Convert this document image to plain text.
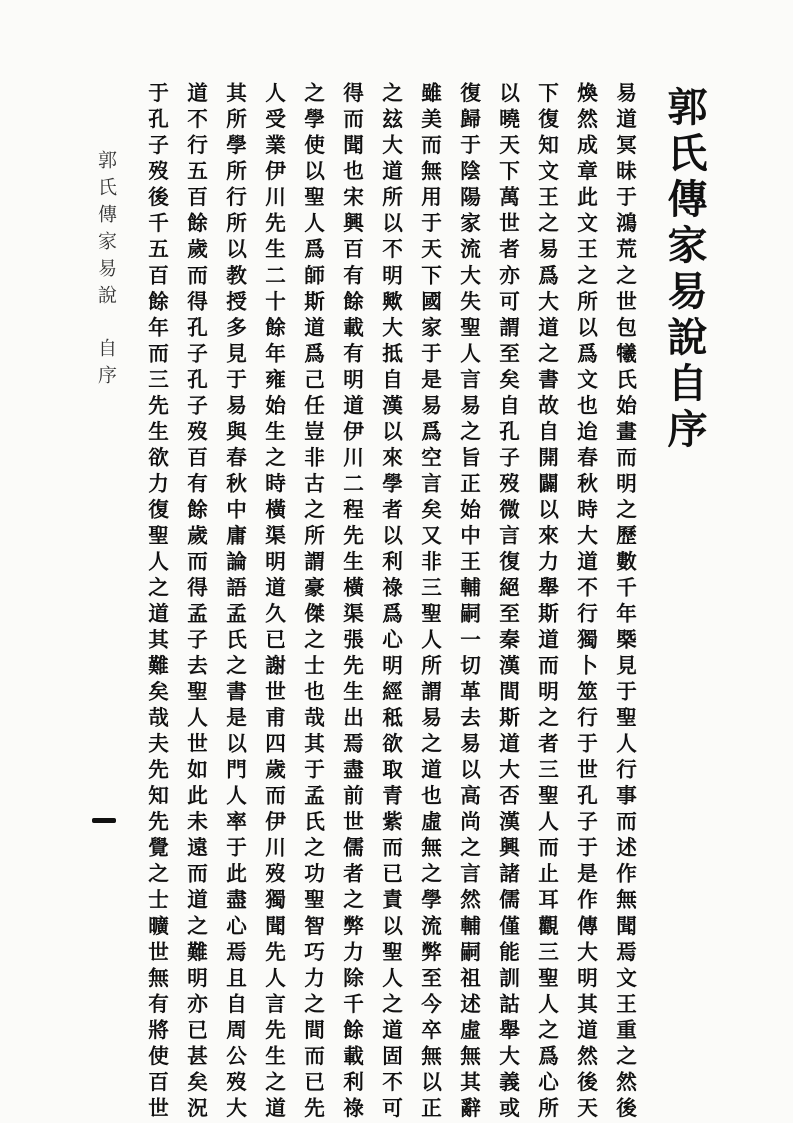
郭氏傳家易說自序
易道冥昧于鴻荒之世包犧氏始畫而明之歷數千年槩見于聖人行事而述作無聞焉文王重之然後
煥然成章此文王之所以爲文也迨春秋時大道不行獨卜筮行于世孔子于是作傳大明其道然後天
下復知文王之易爲大道之書故自開闢以來力舉斯道而明之者三聖人而止耳觀三聖人之爲心所
以曉天下萬世者亦可謂至矣自孔子歿微言復絕至秦漢間斯道大否漢興諸儒僅能訓詁舉大義或
復歸于陰陽家流大失聖人言易之旨正始中王輔嗣一切革去易以高尚之言然輔嗣祖述虛無其辭
雖美而無用于天下國家于是易爲空言矣又非三聖人所謂易之道也虛無之學流弊至今卒無以正
之玆大道所以不明歟大抵自漢以來學者以利祿爲心明經秪欲取青紫而已責以聖人之道固不可
得而聞也宋興百有餘載有明道伊川二程先生橫渠張先生出焉盡前世儒者之弊力除千餘載利祿
之學使以聖人爲師斯道爲己任豈非古之所謂豪傑之士也哉其于孟氏之功聖智巧力之間而已先
人受業伊川先生二十餘年雍始生之時橫渠明道久已謝世甫四歲而伊川歿獨聞先人言先生之道
其所學所行所以教授多見于易與春秋中庸論語孟氏之書是以門人率于此盡心焉且自周公歿大
道不行五百餘歲而得孔子孔子歿百有餘歲而得孟子去聖人世如此未遠而道之難明亦已甚矣況
于孔子歿後千五百餘年而三先生欲力復聖人之道其難矣哉夫先知先覺之士曠世無有將使百世
郭氏傳家易說自序
